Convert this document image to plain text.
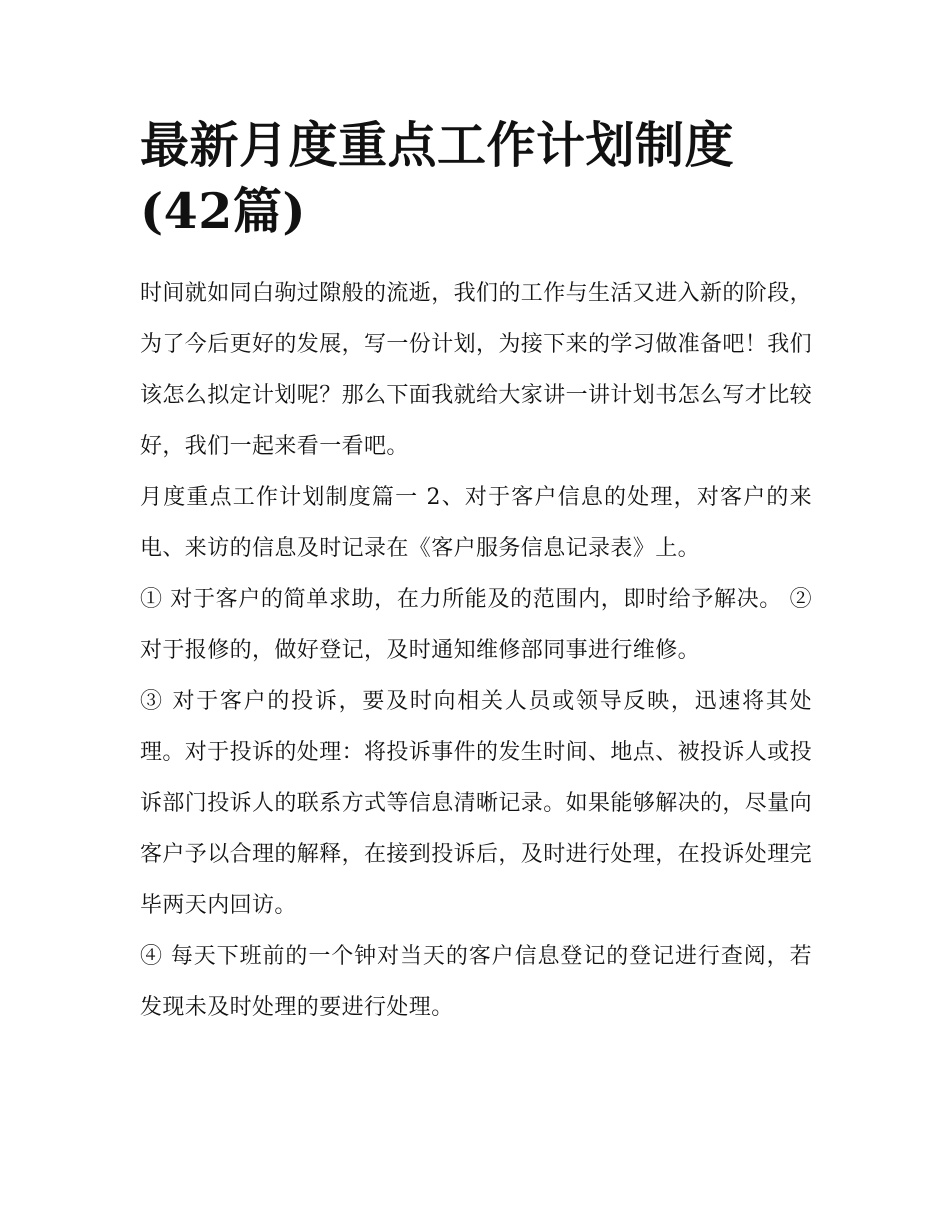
最新月度重点工作计划制度(42篇)

时间就如同白驹过隙般的流逝，我们的工作与生活又进入新的阶段，为了今后更好的发展，写一份计划，为接下来的学习做准备吧！我们该怎么拟定计划呢？那么下面我就给大家讲一讲计划书怎么写才比较好，我们一起来看一看吧。

月度重点工作计划制度篇一 2、对于客户信息的处理，对客户的来电、来访的信息及时记录在《客户服务信息记录表》上。

① 对于客户的简单求助，在力所能及的范围内，即时给予解决。 ②对于报修的，做好登记，及时通知维修部同事进行维修。

③ 对于客户的投诉，要及时向相关人员或领导反映，迅速将其处理。对于投诉的处理：将投诉事件的发生时间、地点、被投诉人或投诉部门投诉人的联系方式等信息清晰记录。如果能够解决的，尽量向客户予以合理的解释，在接到投诉后，及时进行处理，在投诉处理完毕两天内回访。

④ 每天下班前的一个钟对当天的客户信息登记的登记进行查阅，若发现未及时处理的要进行处理。
